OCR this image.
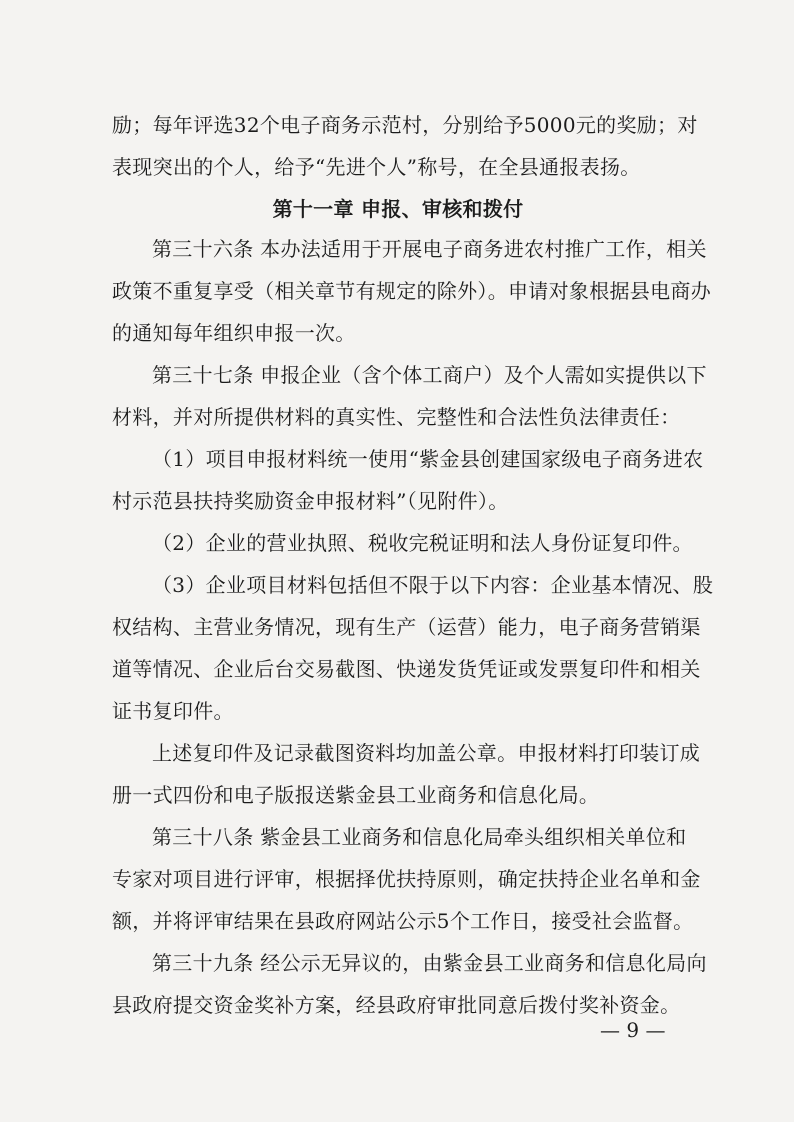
励；每年评选32个电子商务示范村，分别给予5000元的奖励；对
表现突出的个人，给予“先进个人”称号，在全县通报表扬。
第十一章 申报、审核和拨付
第三十六条 本办法适用于开展电子商务进农村推广工作，相关
政策不重复享受（相关章节有规定的除外）。申请对象根据县电商办
的通知每年组织申报一次。
第三十七条 申报企业（含个体工商户）及个人需如实提供以下
材料，并对所提供材料的真实性、完整性和合法性负法律责任：
（1）项目申报材料统一使用“紫金县创建国家级电子商务进农
村示范县扶持奖励资金申报材料”（见附件）。
（2）企业的营业执照、税收完税证明和法人身份证复印件。
（3）企业项目材料包括但不限于以下内容：企业基本情况、股
权结构、主营业务情况，现有生产（运营）能力，电子商务营销渠
道等情况、企业后台交易截图、快递发货凭证或发票复印件和相关
证书复印件。
上述复印件及记录截图资料均加盖公章。申报材料打印装订成
册一式四份和电子版报送紫金县工业商务和信息化局。
第三十八条 紫金县工业商务和信息化局牵头组织相关单位和
专家对项目进行评审，根据择优扶持原则，确定扶持企业名单和金
额，并将评审结果在县政府网站公示5个工作日，接受社会监督。
第三十九条 经公示无异议的，由紫金县工业商务和信息化局向
县政府提交资金奖补方案，经县政府审批同意后拨付奖补资金。
— 9 —
